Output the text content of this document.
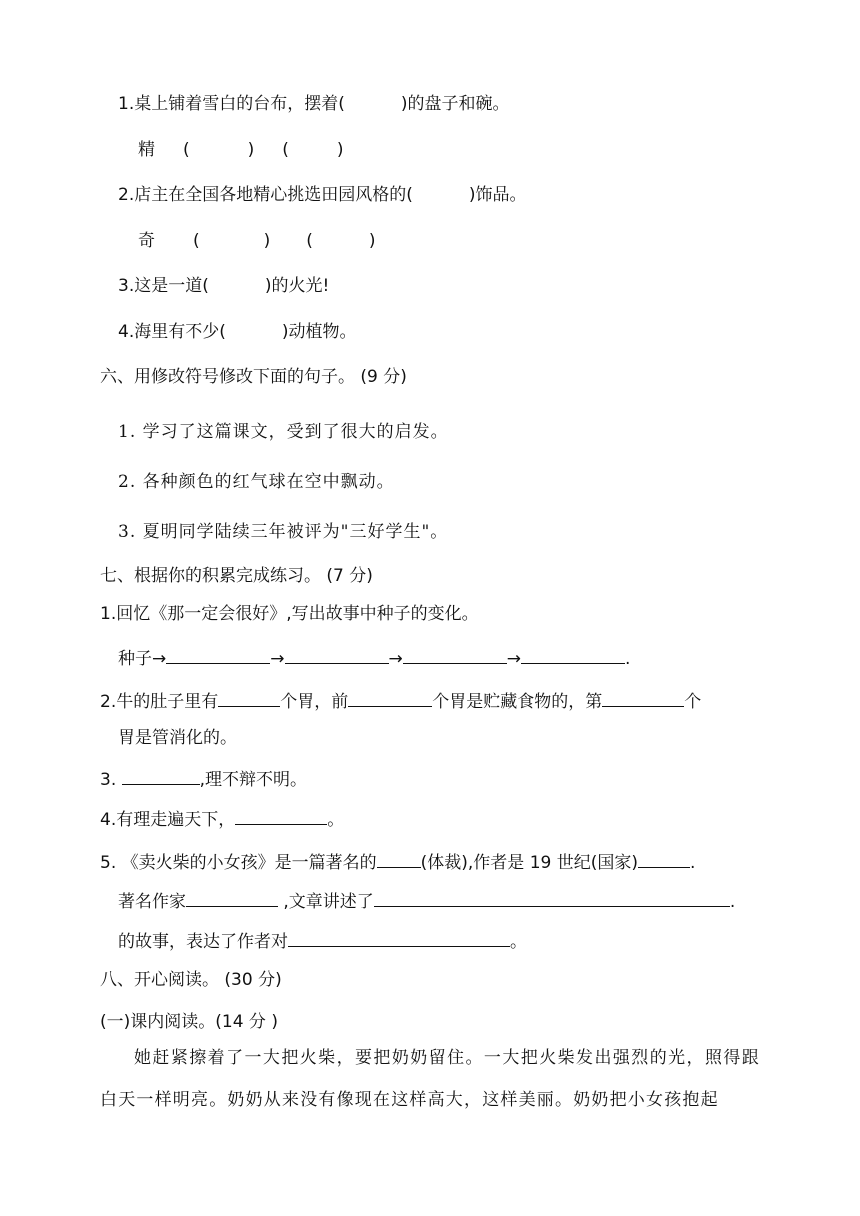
1.桌上铺着雪白的台布，摆着(	)的盘子和碗。
精 (	) (	)
2.店主在全国各地精心挑选田园风格的(	)饰品。
奇 (	) (	)
3.这是一道(	)的火光!
4.海里有不少(	)动植物。
六、用修改符号修改下面的句子。 (9 分)
1. 学习了这篇课文，受到了很大的启发。
2. 各种颜色的红气球在空中飘动。
3. 夏明同学陆续三年被评为"三好学生"。
七、根据你的积累完成练习。 (7 分)
1.回忆《那一定会很好》,写出故事中种子的变化。
种子→	→	→	→	.
2.牛的肚子里有	个胃，前	个胃是贮藏食物的，第	个
胃是管消化的。
3.	,理不辩不明。
4.有理走遍天下，	。
5. 《卖火柴的小女孩》是一篇著名的	(体裁),作者是 19 世纪(国家)	.
著名作家	,文章讲述了	.
的故事，表达了作者对	。
八、开心阅读。 (30 分)
(一)课内阅读。(14 分 )
她赶紧擦着了一大把火柴，要把奶奶留住。一大把火柴发出强烈的光，照得跟白天一样明亮。奶奶从来没有像现在这样高大，这样美丽。奶奶把小女孩抱起
